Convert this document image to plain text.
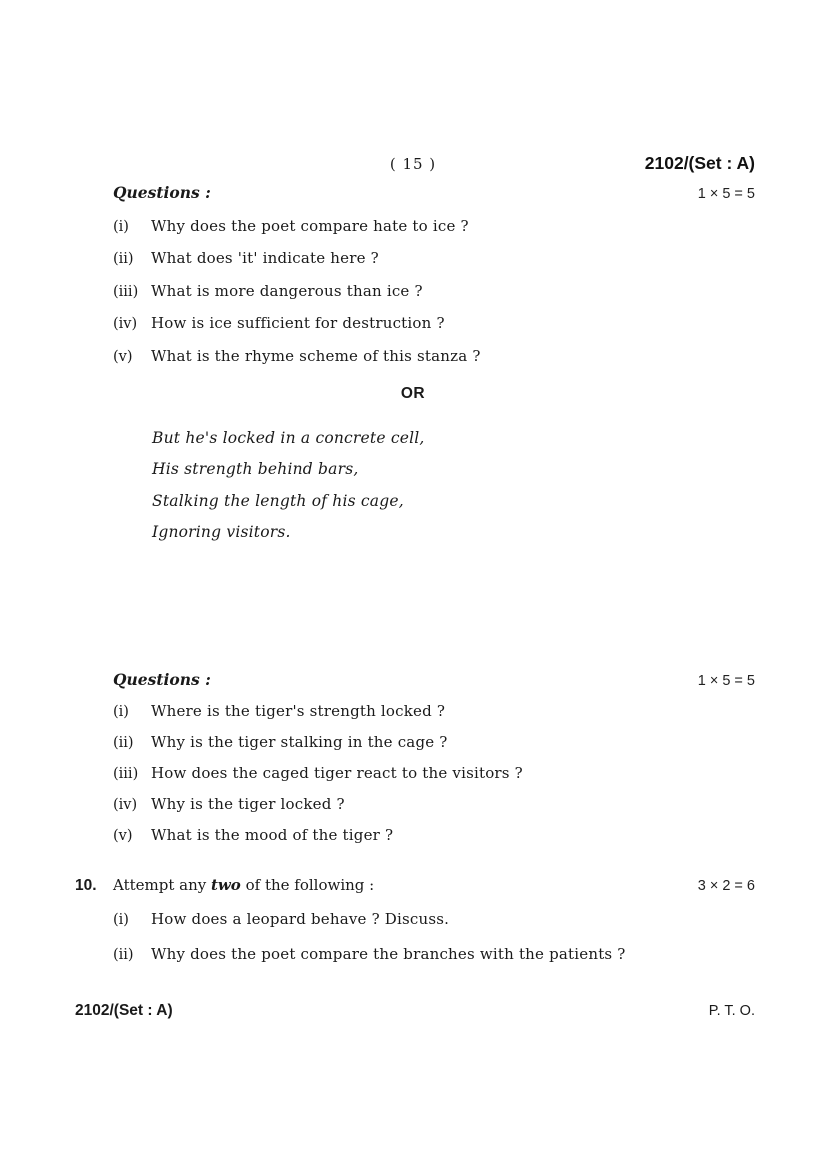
( 15 )	2102/(Set : A)
Questions :	1 × 5 = 5
(i)	Why does the poet compare hate to ice ?
(ii)	What does 'it' indicate here ?
(iii) What is more dangerous than ice ?
(iv) How is ice sufficient for destruction ?
(v)	What is the rhyme scheme of this stanza ?
OR
But he's locked in a concrete cell,
His strength behind bars,
Stalking the length of his cage,
Ignoring visitors.
Questions :	1 × 5 = 5
(i)	Where is the tiger's strength locked ?
(ii)	Why is the tiger stalking in the cage ?
(iii) How does the caged tiger react to the visitors ?
(iv) Why is the tiger locked ?
(v)	What is the mood of the tiger ?
10.	Attempt any two of the following :	3 × 2 = 6
(i)	How does a leopard behave ? Discuss.
(ii)	Why does the poet compare the branches with the patients ?
2102/(Set : A)	P. T. O.
